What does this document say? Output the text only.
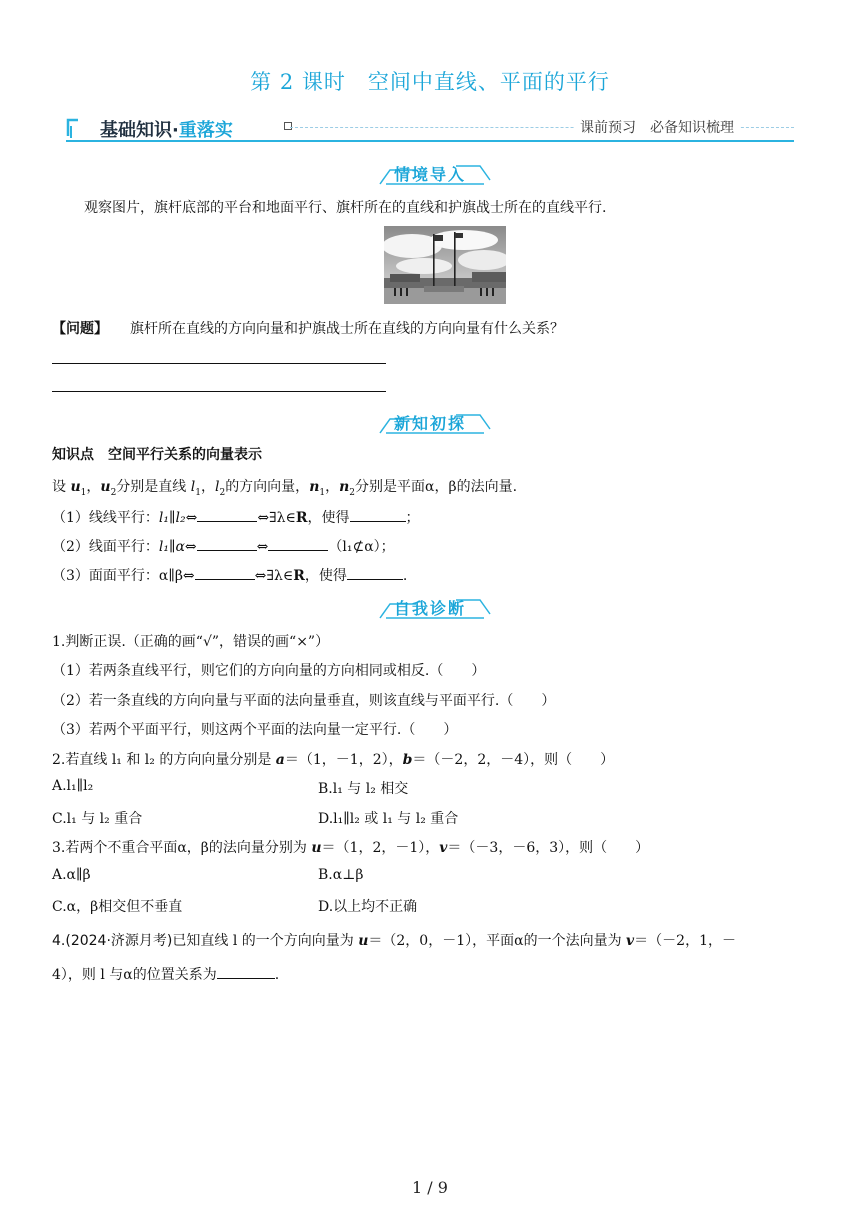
第 2 课时　空间中直线、平面的平行
基础知识·重落实	课前预习　必备知识梳理
情境导入
观察图片，旗杆底部的平台和地面平行、旗杆所在的直线和护旗战士所在的直线平行.
【问题】 旗杆所在直线的方向向量和护旗战士所在直线的方向向量有什么关系？
新知初探
知识点　空间平行关系的向量表示
设 $u_1$，$u_2$分别是直线 $l_1$，$l_2$的方向向量，$n_1$，$n_2$分别是平面α，β的法向量.
（1）线线平行：l₁∥l₂⇔	⇔∃λ∈R，使得	；
（2）线面平行：l₁∥α⇔	⇔	（l₁⊄α）；
（3）面面平行：α∥β⇔	⇔∃λ∈R，使得	.
自我诊断
1.判断正误.（正确的画“√”，错误的画“×”）
（1）若两条直线平行，则它们的方向向量的方向相同或相反.（　　）
（2）若一条直线的方向向量与平面的法向量垂直，则该直线与平面平行.（　　）
（3）若两个平面平行，则这两个平面的法向量一定平行.（　　）
2.若直线 l₁ 和 l₂ 的方向向量分别是 a＝（1，－1，2），b＝（－2，2，－4），则（　　）
A.l₁∥l₂	B.l₁ 与 l₂ 相交
C.l₁ 与 l₂ 重合	D.l₁∥l₂ 或 l₁ 与 l₂ 重合
3.若两个不重合平面α，β的法向量分别为 u＝（1，2，－1），v＝（－3，－6，3），则（　　）
A.α∥β	B.α⊥β
C.α，β相交但不垂直	D.以上均不正确
4.(2024·济源月考)已知直线 l 的一个方向向量为 u＝（2，0，－1），平面α的一个法向量为 v＝（－2，1，－
4），则 l 与α的位置关系为	.
1 / 9
